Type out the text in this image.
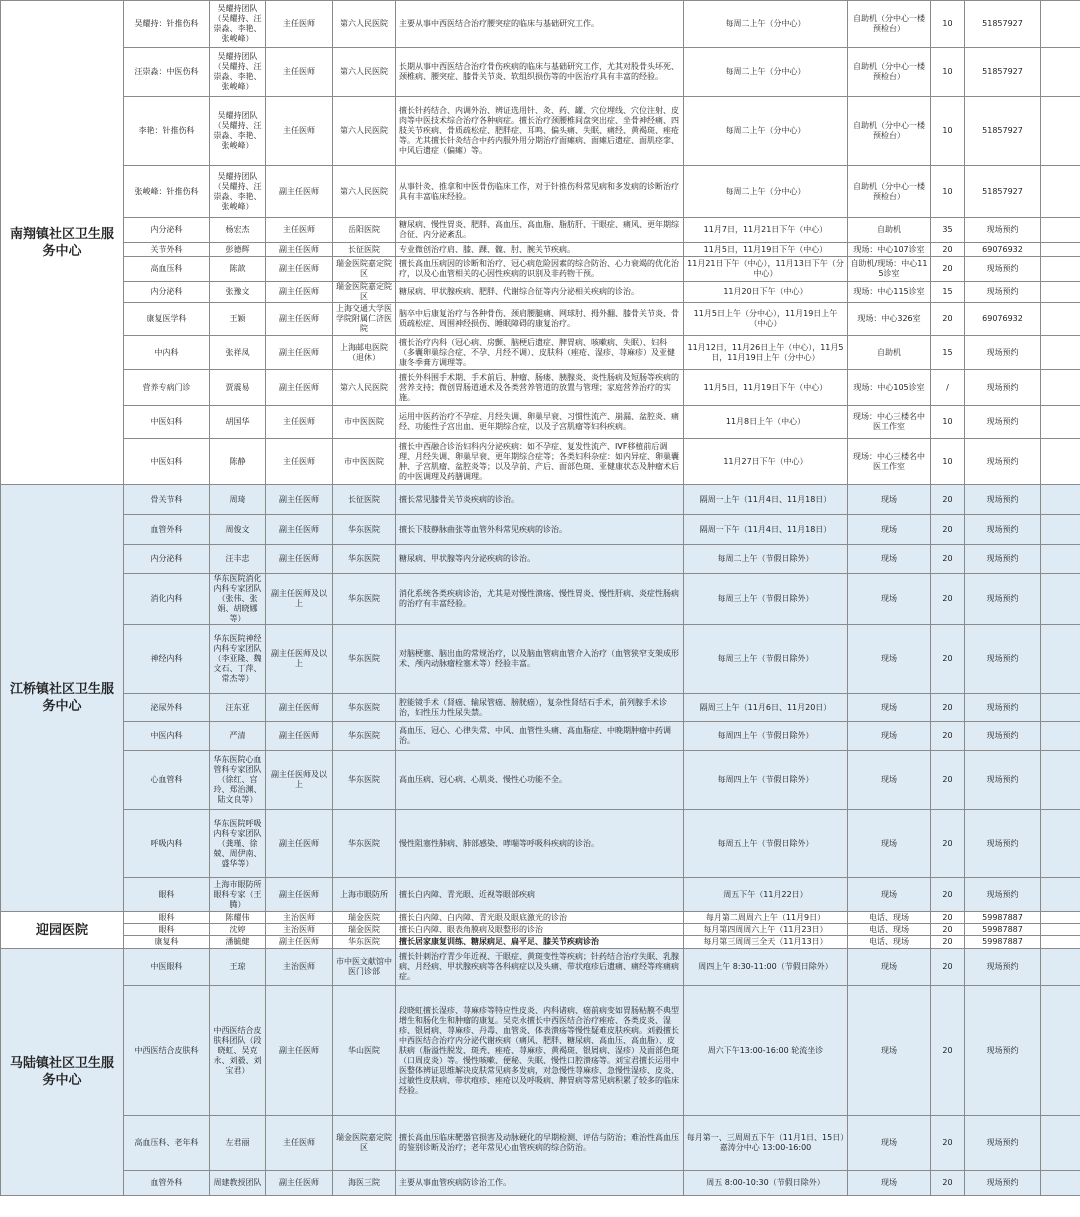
南翔镇社区卫生服务中心	吴耀持：针推伤科	吴耀持团队（吴耀持、汪崇淼、李艳、张峻峰）	主任医师	第六人民医院	主要从事中西医结合治疗腰突症的临床与基础研究工作。	每周二上午（分中心）	自助机（分中心一楼预检台）	10	51857927	
	汪崇淼：中医伤科	吴耀持团队（吴耀持、汪崇淼、李艳、张峻峰）	主任医师	第六人民医院	长期从事中西医结合治疗骨伤疾病的临床与基础研究工作，尤其对股骨头坏死、颈椎病、腰突症、膝骨关节炎、软组织损伤等的中医治疗具有丰富的经验。	每周二上午（分中心）	自助机（分中心一楼预检台）	10	51857927	
	李艳：针推伤科	吴耀持团队（吴耀持、汪崇淼、李艳、张峻峰）	主任医师	第六人民医院	擅长针药结合、内调外治、辨证选用针、灸、药、罐、穴位埋线、穴位注射、皮肉等中医技术综合治疗各种病症。擅长治疗颈腰椎间盘突出症、坐骨神经痛、四肢关节疾病、骨质疏松症、肥胖症、耳鸣、偏头痛、失眠、痛经、黄褐斑、痤疮等。尤其擅长针灸结合中药内服外用分期治疗面瘫病、面瘫后遗症、面肌痉挛、中风后遗症（偏瘫）等。	每周二上午（分中心）	自助机（分中心一楼预检台）	10	51857927	
	张峻峰：针推伤科	吴耀持团队（吴耀持、汪崇淼、李艳、张峻峰）	副主任医师	第六人民医院	从事针灸、推拿和中医骨伤临床工作，对于针推伤科常见病和多发病的诊断治疗具有丰富临床经验。	每周二上午（分中心）	自助机（分中心一楼预检台）	10	51857927	
	内分泌科	杨宏杰	主任医师	岳阳医院	糖尿病、慢性胃炎、肥胖、高血压、高血脂、脂肪肝、干眼症、痛风、更年期综合征、内分泌紊乱。	11月7日，11月21日下午（中心）	自助机	35	现场预约	
	关节外科	彭德辉	副主任医师	长征医院	专业微创治疗肩、膝、踝、髋、肘、腕关节疾病。	11月5日，11月19日下午（中心）	现场：中心107诊室	20	69076932	
	高血压科	陈歆	副主任医师	瑞金医院嘉定院区	擅长高血压病因的诊断和治疗、冠心病危险因素的综合防治、心力衰竭的优化治疗，以及心血管相关的心因性疾病的识别及非药物干预。	11月21日下午（中心），11月13日下午（分中心）	自助机/现场：中心115诊室	20	现场预约	
	内分泌科	张豫文	副主任医师	瑞金医院嘉定院区	糖尿病、甲状腺疾病、肥胖、代谢综合征等内分泌相关疾病的诊治。	11月20日下午（中心）	现场：中心115诊室	15	现场预约	
	康复医学科	王颖	副主任医师	上海交通大学医学院附属仁济医院	脑卒中后康复治疗与各种骨伤、颈肩腰腿痛、网球肘、拇外翻、膝骨关节炎、骨质疏松症、周围神经损伤、睡眠障碍的康复治疗。	11月5日上午（分中心），11月19日上午（中心）	现场：中心326室	20	69076932	
	中内科	张祥凤	副主任医师	上海邮电医院（退休）	擅长治疗内科（冠心病、房颤、脑梗后遗症、脾胃病、咳嗽病、失眠）、妇科（多囊卵巢综合症、不孕、月经不调）、皮肤科（痤疮、湿疹、荨麻疹）及亚健康冬季膏方调理等。	11月12日，11月26日上午（中心），11月5日，11月19日上午（分中心）	自助机	15	现场预约	
	营养专病门诊	贾震易	副主任医师	第六人民医院	擅长外科围手术期、手术前后、肿瘤、肠瘘、胰腺炎、炎性肠病及短肠等疾病的营养支持；微创胃肠道通术及各类营养管道的放置与管理；家庭营养治疗的实施。	11月5日，11月19日下午（中心）	现场：中心105诊室	/	现场预约	
	中医妇科	胡国华	主任医师	市中医医院	运用中医药治疗不孕症、月经失调、卵巢早衰、习惯性流产、崩漏、盆腔炎、痛经、功能性子宫出血、更年期综合症，以及子宫肌瘤等妇科疾病。	11月8日上午（中心）	现场：中心三楼名中医工作室	10	现场预约	
	中医妇科	陈静	主任医师	市中医医院	擅长中西融合诊治妇科内分泌疾病：如不孕症、复发性流产、IVF移植前后调理、月经失调、卵巢早衰、更年期综合症等；各类妇科杂症：如内异症、卵巢囊肿、子宫肌瘤、盆腔炎等；以及孕前、产后、面部色斑、亚健康状态及肿瘤术后的中医调理及药膳调理。	11月27日下午（中心）	现场：中心三楼名中医工作室	10	现场预约	
江桥镇社区卫生服务中心	骨关节科	周琦	副主任医师	长征医院	擅长常见膝骨关节炎疾病的诊治。	隔周一上午（11月4日、11月18日）	现场	20	现场预约	
	血管外科	周俊文	副主任医师	华东医院	擅长下肢静脉曲张等血管外科常见疾病的诊治。	隔周一下午（11月4日、11月18日）	现场	20	现场预约	
	内分泌科	汪丰忠	副主任医师	华东医院	糖尿病、甲状腺等内分泌疾病的诊治。	每周二上午（节假日除外）	现场	20	现场预约	
	消化内科	华东医院消化内科专家团队（张伟、张娟、胡晓娜等）	副主任医师及以上	华东医院	消化系统各类疾病诊治，尤其是对慢性溃疡、慢性胃炎、慢性肝病、炎症性肠病的治疗有丰富经验。	每周三上午（节假日除外）	现场	20	现场预约	
	神经内科	华东医院神经内科专家团队（李亚隆、魏文石、丁萍、常杰等）	副主任医师及以上	华东医院	对脑梗塞、脑出血的常规治疗，以及脑血管病血管介入治疗（血管狭窄支架成形术、颅内动脉瘤栓塞术等）经验丰富。	每周三上午（节假日除外）	现场	20	现场预约	
	泌尿外科	汪东亚	副主任医师	华东医院	腔能镜手术（肾癌、输尿管癌、膀胱癌），复杂性肾结石手术，前列腺手术诊治，妇性压力性尿失禁。	隔周三上午（11月6日、11月20日）	现场	20	现场预约	
	中医内科	严清	副主任医师	华东医院	高血压、冠心、心律失常、中风、血管性头痛、高血脂症、中晚期肿瘤中药调治。	每周四上午（节假日除外）	现场	20	现场预约	
	心血管科	华东医院心血管科专家团队（徐红、宫玲、郑治渊、陆文良等）	副主任医师及以上	华东医院	高血压病、冠心病、心肌炎、慢性心功能不全。	每周四上午（节假日除外）	现场	20	现场预约	
	呼吸内科	华东医院呼吸内科专家团队（龚瑾、徐兢、周伊南、盛华等）	副主任医师	华东医院	慢性阻塞性肺病、肺部感染、哮喘等呼吸科疾病的诊治。	每周五上午（节假日除外）	现场	20	现场预约	
	眼科	上海市眼防所眼科专家（王腾）	副主任医师	上海市眼防所	擅长白内障、青光眼、近视等眼部疾病	周五下午（11月22日）	现场	20	现场预约	
迎园医院	眼科	陈耀伟	主治医师	瑞金医院	擅长白内障、白内障、青光眼及眼底激光的诊治	每月第二周周六上午（11月9日）	电话、现场	20	59987887	
	眼科	沈婷	主治医师	瑞金医院	擅长白内障、眼表角膜病及眼整形的诊治	每月第四周周六上午（11月23日）	电话、现场	20	59987887	
	康复科	潘毓健	副主任医师	华东医院	擅长居家康复训练、糖尿病足、扁平足、膝关节疾病诊治	每月第三周周三全天（11月13日）	电话、现场	20	59987887	
马陆镇社区卫生服务中心	中医眼科	王琼	主治医师	市中医文献馆中医门诊部	擅长针刺治疗青少年近视、干眼症、黄斑变性等疾病；针药结合治疗失眠、乳腺病、月经病、甲状腺疾病等各科病症以及头痛、带状疱疹后遗痛、痛经等疼痛病症。	周四上午 8:30-11:00（节假日除外）	现场	20	现场预约	
	中西医结合皮肤科	中西医结合皮肤科团队（段晓虹、吴克永、刘毅、刘宝君）	副主任医师	华山医院	段晓虹擅长湿疹、荨麻疹等特应性皮炎、内科诸病、癌前病变如胃肠粘膜不典型增生和肠化生和肿瘤的康复。吴克永擅长中西医结合治疗痤疮、各类皮炎、湿疹、银屑病、荨麻疹、丹毒、血管炎、体表溃疡等慢性疑难皮肤疾病。刘毅擅长中西医结合治疗内分泌代谢疾病（痛风、肥胖、糖尿病、高血压、高血脂）、皮肤病（脂溢性脱发、斑秃、痤疮、荨麻疹、黄褐斑、银屑病、湿疹）及面部色斑（口周皮炎）等。慢性咳嗽、便秘、失眠、慢性口腔溃疡等。刘宝君擅长运用中医整体辨证思维解决皮肤常见病多发病，对急慢性荨麻疹、急慢性湿疹、皮炎、过敏性皮肤病、带状疱疹、痤疮以及呼吸病、脾胃病等常见病积累了较多的临床经验。	周六下午13:00-16:00 轮流坐诊	现场	20	现场预约	
	高血压科、老年科	左君丽	主任医师	瑞金医院嘉定院区	擅长高血压临床靶器官损害及动脉硬化的早期检测、评估与防治；难治性高血压的鉴别诊断及治疗；老年常见心血管疾病的综合防治。	每月第一、三周周五下午（11月1日、15日）嘉涛分中心 13:00-16:00	现场	20	现场预约	
	血管外科	周建教授团队	副主任医师	海医三院	主要从事血管疾病防诊治工作。	周五 8:00-10:30（节假日除外）	现场	20	现场预约	
